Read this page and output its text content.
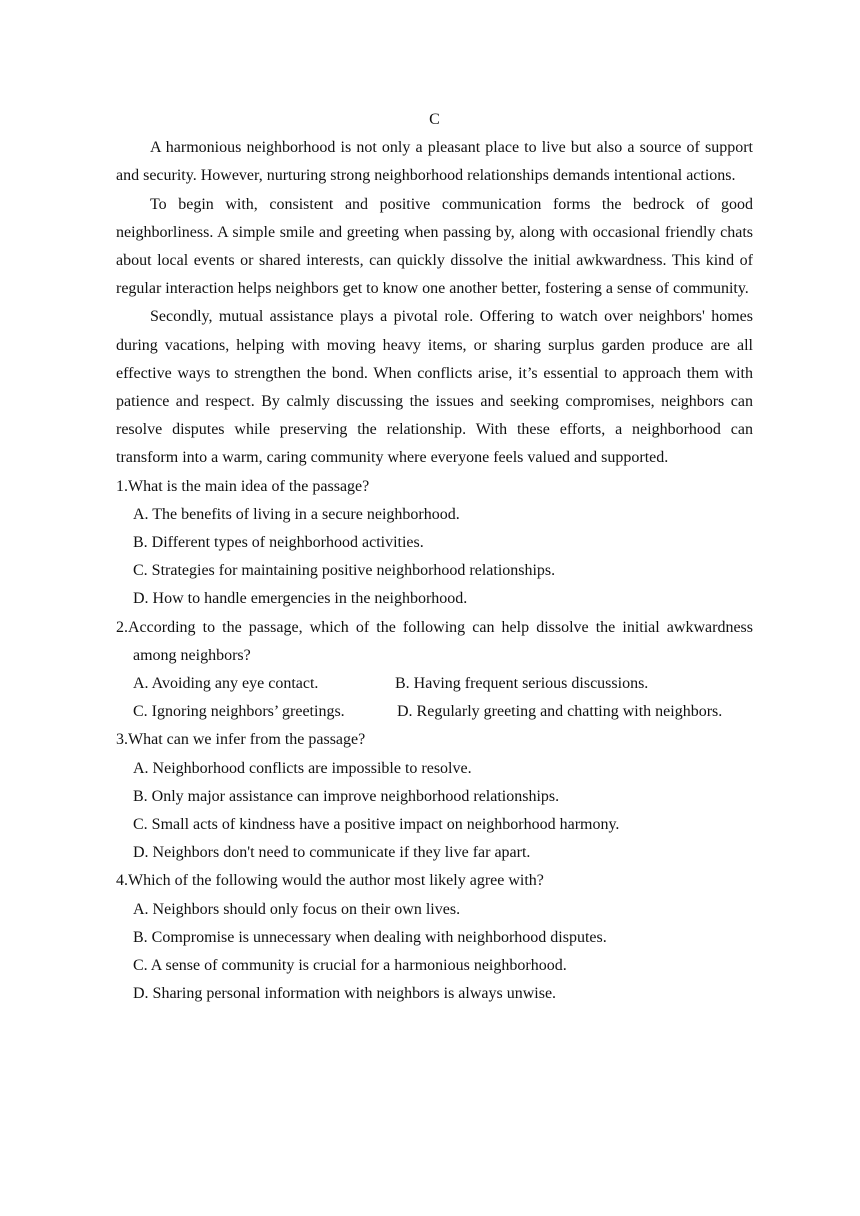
C

A harmonious neighborhood is not only a pleasant place to live but also a source of support and security. However, nurturing strong neighborhood relationships demands intentional actions.

To begin with, consistent and positive communication forms the bedrock of good neighborliness. A simple smile and greeting when passing by, along with occasional friendly chats about local events or shared interests, can quickly dissolve the initial awkwardness. This kind of regular interaction helps neighbors get to know one another better, fostering a sense of community.

Secondly, mutual assistance plays a pivotal role. Offering to watch over neighbors' homes during vacations, helping with moving heavy items, or sharing surplus garden produce are all effective ways to strengthen the bond. When conflicts arise, it’s essential to approach them with patience and respect. By calmly discussing the issues and seeking compromises, neighbors can resolve disputes while preserving the relationship. With these efforts, a neighborhood can transform into a warm, caring community where everyone feels valued and supported.

1.What is the main idea of the passage?

A. The benefits of living in a secure neighborhood.

B. Different types of neighborhood activities.

C. Strategies for maintaining positive neighborhood relationships.

D. How to handle emergencies in the neighborhood.

2.According to the passage, which of the following can help dissolve the initial awkwardness among neighbors?

A. Avoiding any eye contact.	B. Having frequent serious discussions.
C. Ignoring neighbors’ greetings.	D. Regularly greeting and chatting with neighbors.

3.What can we infer from the passage?

A. Neighborhood conflicts are impossible to resolve.

B. Only major assistance can improve neighborhood relationships.

C. Small acts of kindness have a positive impact on neighborhood harmony.

D. Neighbors don't need to communicate if they live far apart.

4.Which of the following would the author most likely agree with?

A. Neighbors should only focus on their own lives.

B. Compromise is unnecessary when dealing with neighborhood disputes.

C. A sense of community is crucial for a harmonious neighborhood.

D. Sharing personal information with neighbors is always unwise.
